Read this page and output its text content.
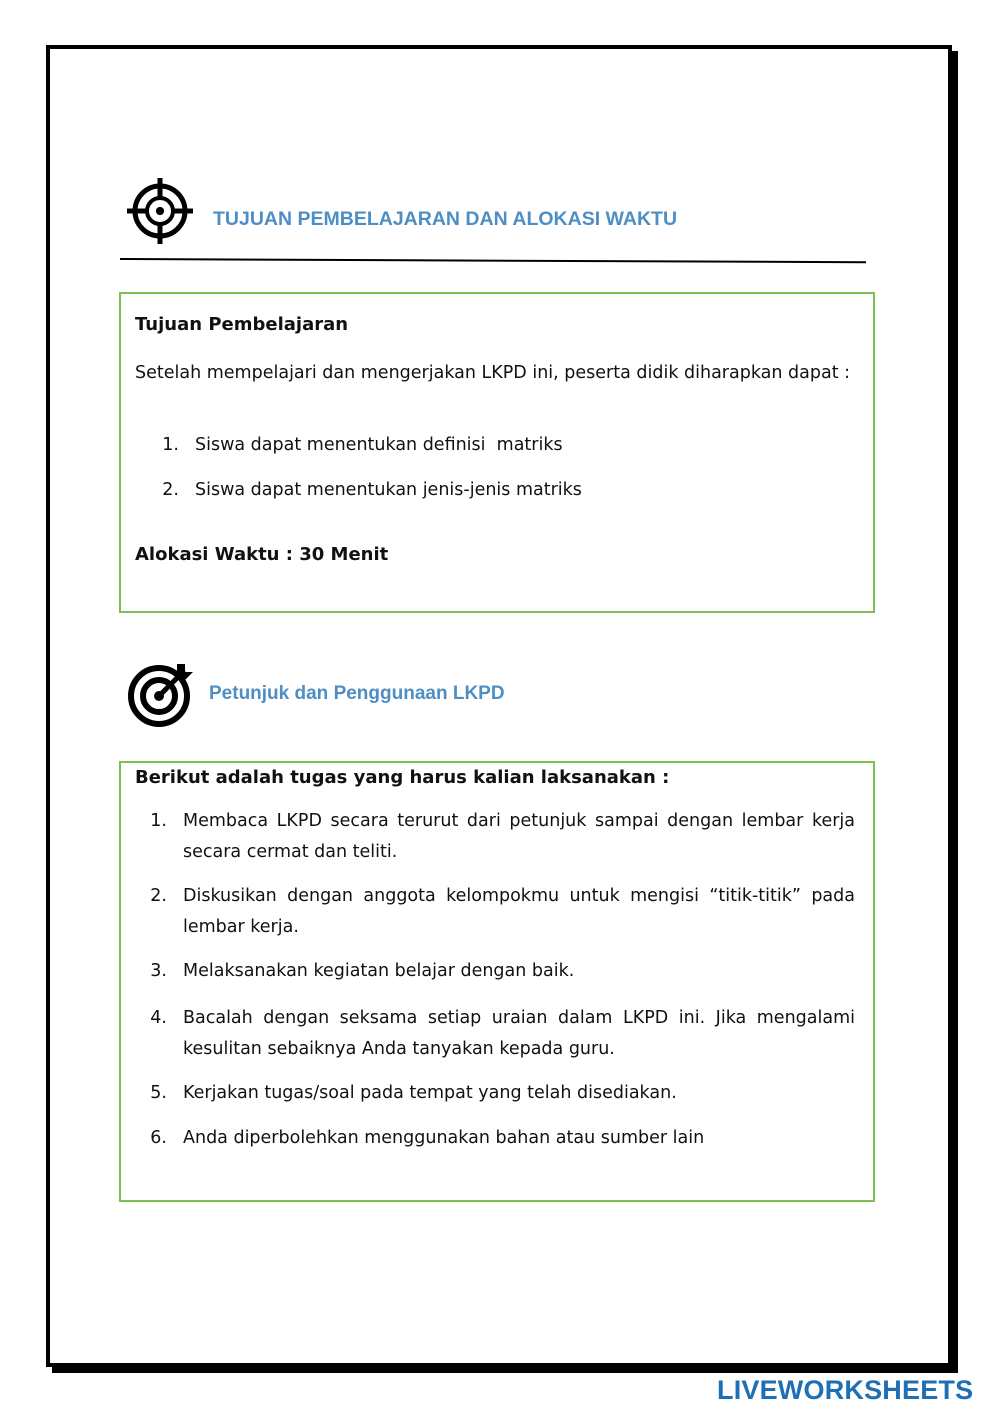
TUJUAN PEMBELAJARAN DAN ALOKASI WAKTU
Tujuan Pembelajaran
Setelah mempelajari dan mengerjakan LKPD ini, peserta didik diharapkan dapat :
1. Siswa dapat menentukan definisi  matriks
2. Siswa dapat menentukan jenis-jenis matriks
Alokasi Waktu : 30 Menit
Petunjuk dan Penggunaan LKPD
Berikut adalah tugas yang harus kalian laksanakan :
1. Membaca LKPD secara terurut dari petunjuk sampai dengan lembar kerja secara cermat dan teliti.
2. Diskusikan dengan anggota kelompokmu untuk mengisi “titik-titik” pada lembar kerja.
3. Melaksanakan kegiatan belajar dengan baik.
4. Bacalah dengan seksama setiap uraian dalam LKPD ini. Jika mengalami kesulitan sebaiknya Anda tanyakan kepada guru.
5. Kerjakan tugas/soal pada tempat yang telah disediakan.
6. Anda diperbolehkan menggunakan bahan atau sumber lain
LIVEWORKSHEETS
